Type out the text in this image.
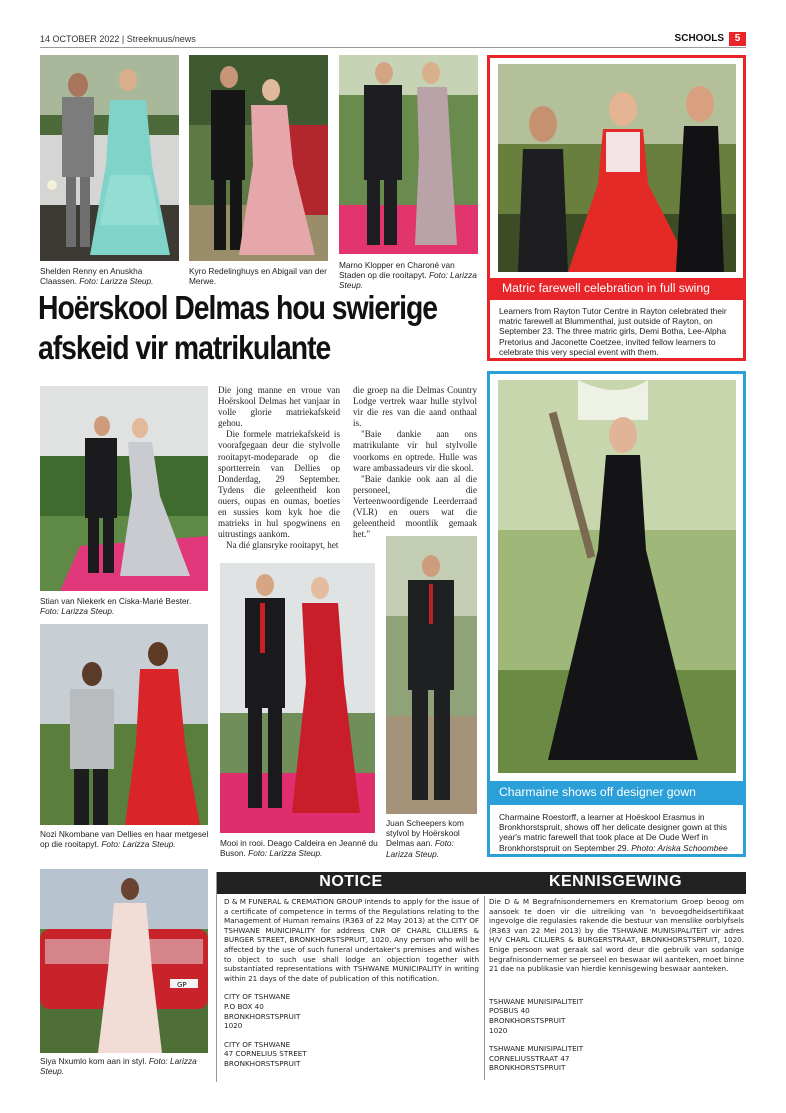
14 OCTOBER 2022 | Streeknuus/news	SCHOOLS	5
Shelden Renny en Anuskha Claassen. Foto: Larizza Steup.
Kyro Redelinghuys en Abigail van der Merwe.
Marno Klopper en Charoné van Staden op die rooitapyt. Foto: Larizza Steup.	Matric farewell celebration in full swing
Learners from Rayton Tutor Centre in Rayton celebrated their matric farewell at Blummenthal, just outside of Rayton, on September 23. The three matric girls, Demi Botha, Lee-Alpha Pretorius and Jaconette Coetzee, invited fellow learners to celebrate this very special event with them.
Hoërskool Delmas hou swierige
afskeid vir matrikulante
Stian van Niekerk en Ciska-Marié Bester. Foto: Larizza Steup.

Die jong manne en vroue van Hoërskool Delmas het vanjaar in volle glorie matriekafskeid gehou.

Die formele matriekafskeid is voorafgegaan deur die stylvolle rooitapyt-modeparade op die sportterrein van Dellies op Donderdag, 29 September. Tydens die geleentheid kon ouers, oupas en oumas, boeties en sussies kom kyk hoe die matrieks in hul spogwinens en uitrustings aankom.

Na dié glansryke rooitapyt, het

die groep na die Delmas Country Lodge vertrek waar hulle stylvol vir die res van die aand onthaal is.

"Baie dankie aan ons matrikulante vir hul stylvolle voorkoms en optrede. Hulle was ware ambassadeurs vir die skool.

"Baie dankie ook aan al die personeel, die Verteenwoordigende Leerderraad (VLR) en ouers wat die geleentheid moontlik gemaak het."

Nozi Nkombane van Dellies en haar metgesel op die rooitapyt. Foto: Larizza Steup.	Mooi in rooi. Deago Caldeira en Jeanné du Buson. Foto: Larizza Steup.
Juan Scheepers kom stylvol by Hoërskool Delmas aan. Foto: Larizza Steup.
Charmaine shows off designer gown
Charmaine Roestorff, a learner at Hoëskool Erasmus in Bronkhorstspruit, shows off her delicate designer gown at this year's matric farewell that took place at De Oude Werf in Bronkhorstspruit on September 29. Photo: Ariska Schoombee
GP
Siya Nxumlo kom aan in styl. Foto: Larizza Steup.
NOTICE	KENNISGEWING
D & M FUNERAL & CREMATION GROUP intends to apply for the issue of a certificate of competence in terms of the Regulations relating to the Management of Human remains (R363 of 22 May 2013) at the CITY OF TSHWANE MUNICIPALITY for address CNR OF CHARL CILLIERS & BURGER STREET, BRONKHORSTSPRUIT, 1020. Any person who will be affected by the use of such funeral undertaker's premises and wishes to object to such use shall lodge an objection together with substantiated representations with TSHWANE MUNICIPALITY in writing within 21 days of the date of publication of this notification.
CITY OF TSHWANE
P.O BOX 40
BRONKHORSTSPRUIT
1020
CITY OF TSHWANE
47 CORNELIUS STREET
BRONKHORSTSPRUIT
Die D & M Begrafnisondernemers en Krematorium Groep beoog om aansoek te doen vir die uitreiking van 'n bevoegdheidsertifikaat ingevolge die regulasies rakende die bestuur van menslike oorblyfsels (R363 van 22 Mei 2013) by die TSHWANE MUNISIPALITEIT vir adres H/V CHARL CILLIERS & BURGERSTRAAT, BRONKHORSTSPRUIT, 1020. Enige persoon wat geraak sal word deur die gebruik van sodanige begrafnisondernemer se perseel en beswaar wil aanteken, moet binne 21 dae na publikasie van hierdie kennisgewing beswaar aanteken.
TSHWANE MUNISIPALITEIT
POSBUS 40
BRONKHORSTSPRUIT
1020
TSHWANE MUNISIPALITEIT
CORNELIUSSTRAAT 47
BRONKHORSTSPRUIT
